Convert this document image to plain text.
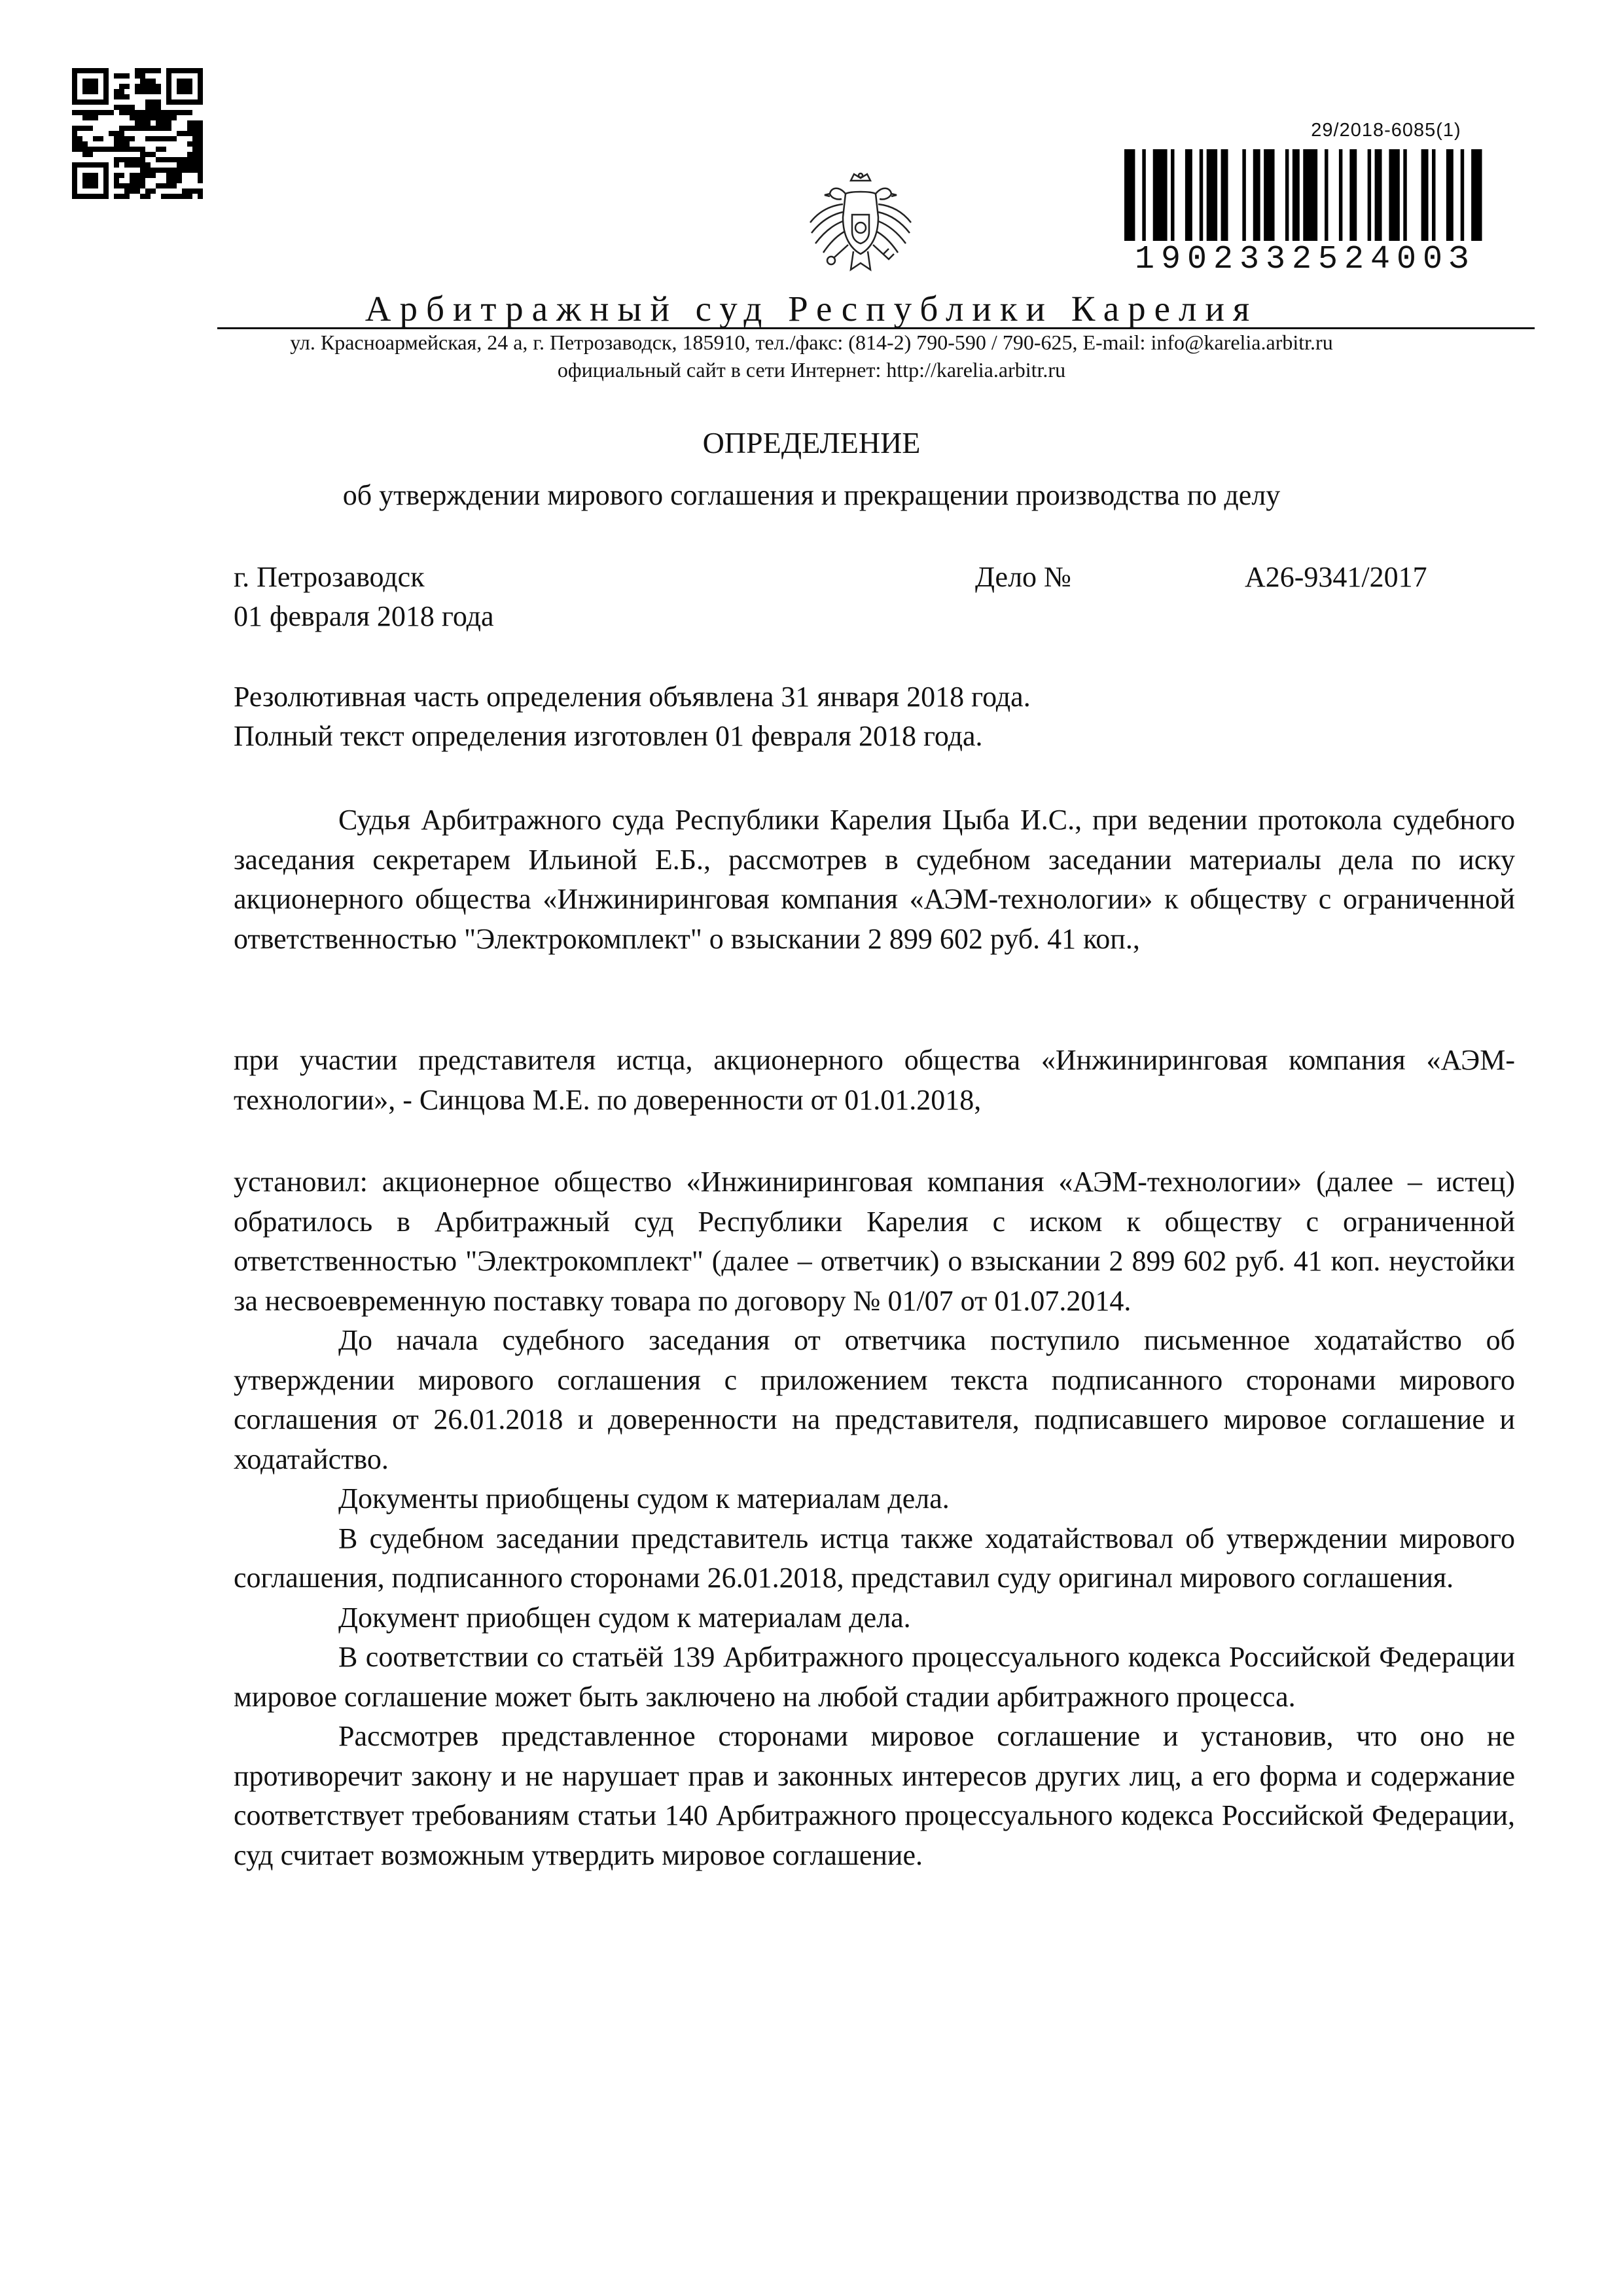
29/2018-6085(1)
190233252400З
Арбитражный суд Республики Карелия
ул. Красноармейская, 24 а, г. Петрозаводск, 185910, тел./факс: (814-2) 790-590 / 790-625, E-mail: info@karelia.arbitr.ru
официальный сайт в сети Интернет: http://karelia.arbitr.ru
ОПРЕДЕЛЕНИЕ
об утверждении мирового соглашения и прекращении производства по делу
г. Петрозаводск
01 февраля 2018 года
Дело №	А26-9341/2017
Резолютивная часть определения объявлена 31 января 2018 года.
Полный текст определения изготовлен 01 февраля 2018 года.

Судья Арбитражного суда Республики Карелия Цыба И.С., при ведении протокола судебного заседания секретарем Ильиной Е.Б., рассмотрев в судебном заседании материалы дела по иску акционерного общества «Инжиниринговая компания «АЭМ-технологии» к обществу с ограниченной ответственностью "Электрокомплект" о взыскании 2 899 602 руб. 41 коп.,

при участии представителя истца, акционерного общества «Инжиниринговая компания «АЭМ-технологии», - Синцова М.Е. по доверенности от 01.01.2018,

установил: акционерное общество «Инжиниринговая компания «АЭМ-технологии» (далее – истец) обратилось в Арбитражный суд Республики Карелия с иском к обществу с ограниченной ответственностью "Электрокомплект" (далее – ответчик) о взыскании 2 899 602 руб. 41 коп. неустойки за несвоевременную поставку товара по договору № 01/07 от 01.07.2014.

До начала судебного заседания от ответчика поступило письменное ходатайство об утверждении мирового соглашения с приложением текста подписанного сторонами мирового соглашения от 26.01.2018 и доверенности на представителя, подписавшего мировое соглашение и ходатайство.

Документы приобщены судом к материалам дела.

В судебном заседании представитель истца также ходатайствовал об утверждении мирового соглашения, подписанного сторонами 26.01.2018, представил суду оригинал мирового соглашения.

Документ приобщен судом к материалам дела.

В соответствии со статьёй 139 Арбитражного процессуального кодекса Российской Федерации мировое соглашение может быть заключено на любой стадии арбитражного процесса.

Рассмотрев представленное сторонами мировое соглашение и установив, что оно не противоречит закону и не нарушает прав и законных интересов других лиц, а его форма и содержание соответствует требованиям статьи 140 Арбитражного процессуального кодекса Российской Федерации, суд считает возможным утвердить мировое соглашение.
